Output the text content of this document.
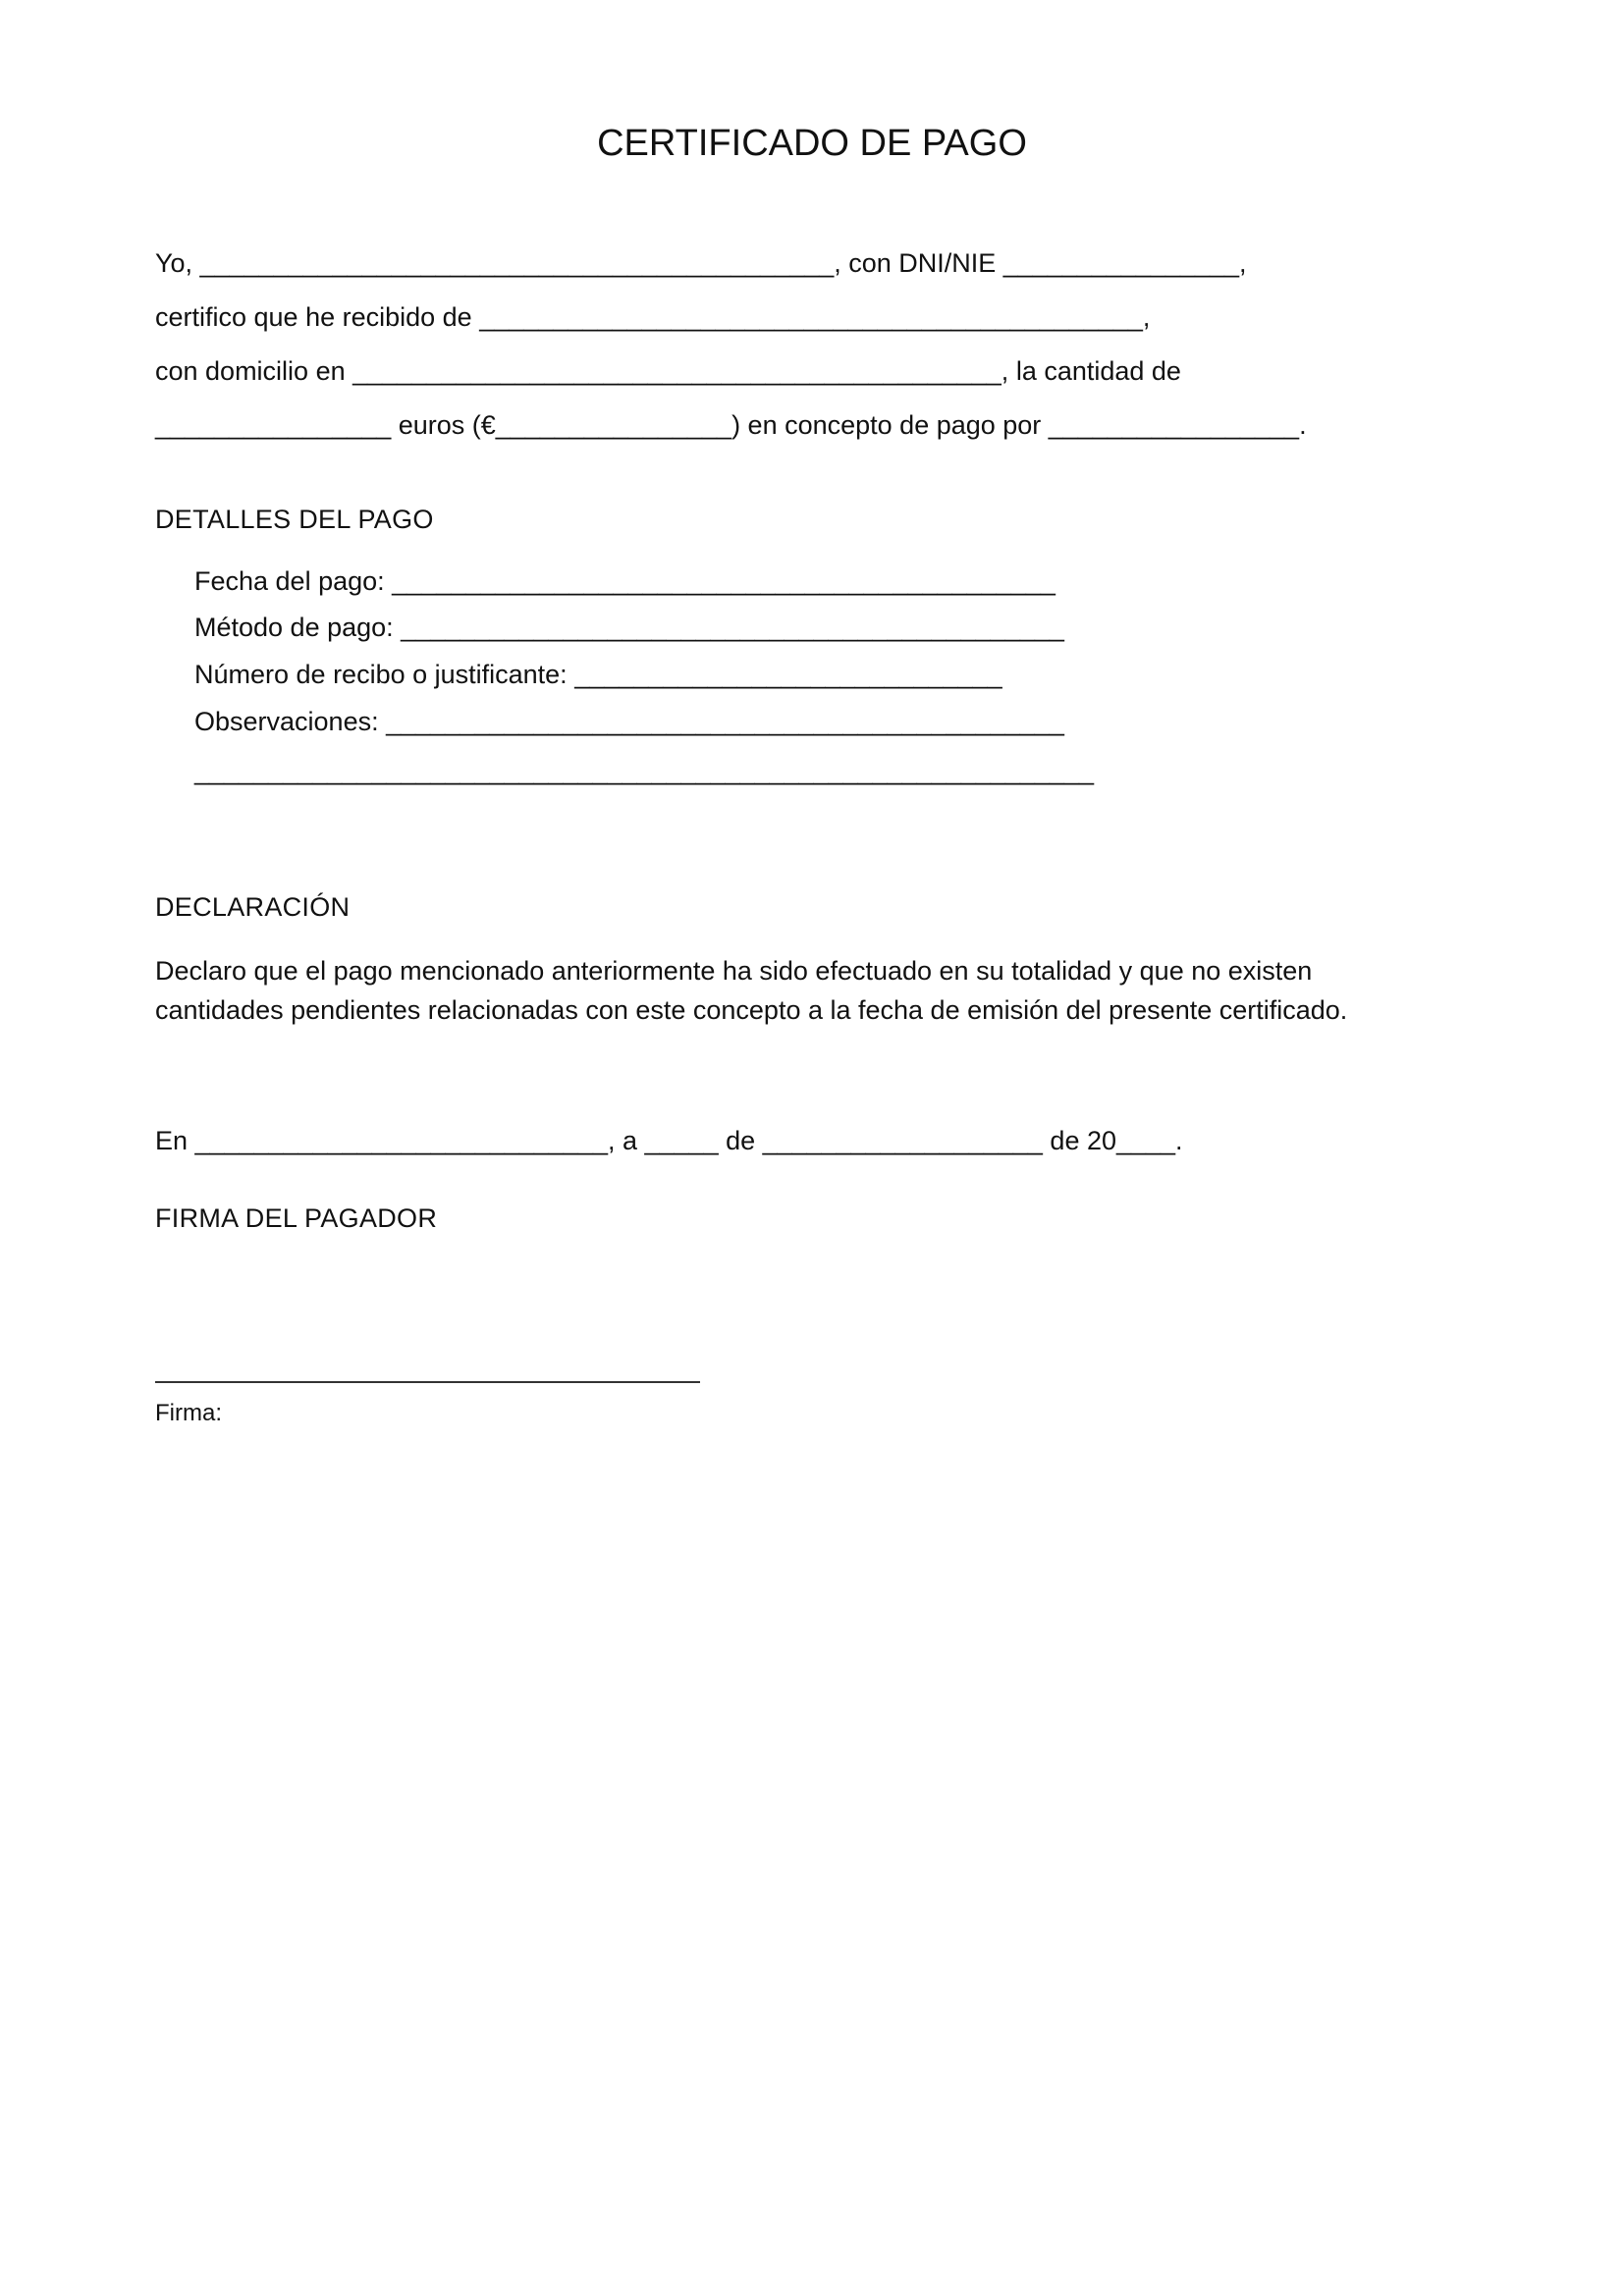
CERTIFICADO DE PAGO
Yo, ___________________________________________, con DNI/NIE ________________,
certifico que he recibido de _____________________________________________,
con domicilio en ____________________________________________, la cantidad de
________________ euros (€________________) en concepto de pago por _________________.
DETALLES DEL PAGO
Fecha del pago: _____________________________________________
Método de pago: _____________________________________________
Número de recibo o justificante: _____________________________
Observaciones: ______________________________________________
_____________________________________________________________
DECLARACIÓN

Declaro que el pago mencionado anteriormente ha sido efectuado en su totalidad y que no existen

cantidades pendientes relacionadas con este concepto a la fecha de emisión del presente certificado.

En ____________________________, a _____ de ___________________ de 20____.
FIRMA DEL PAGADOR
Firma:
